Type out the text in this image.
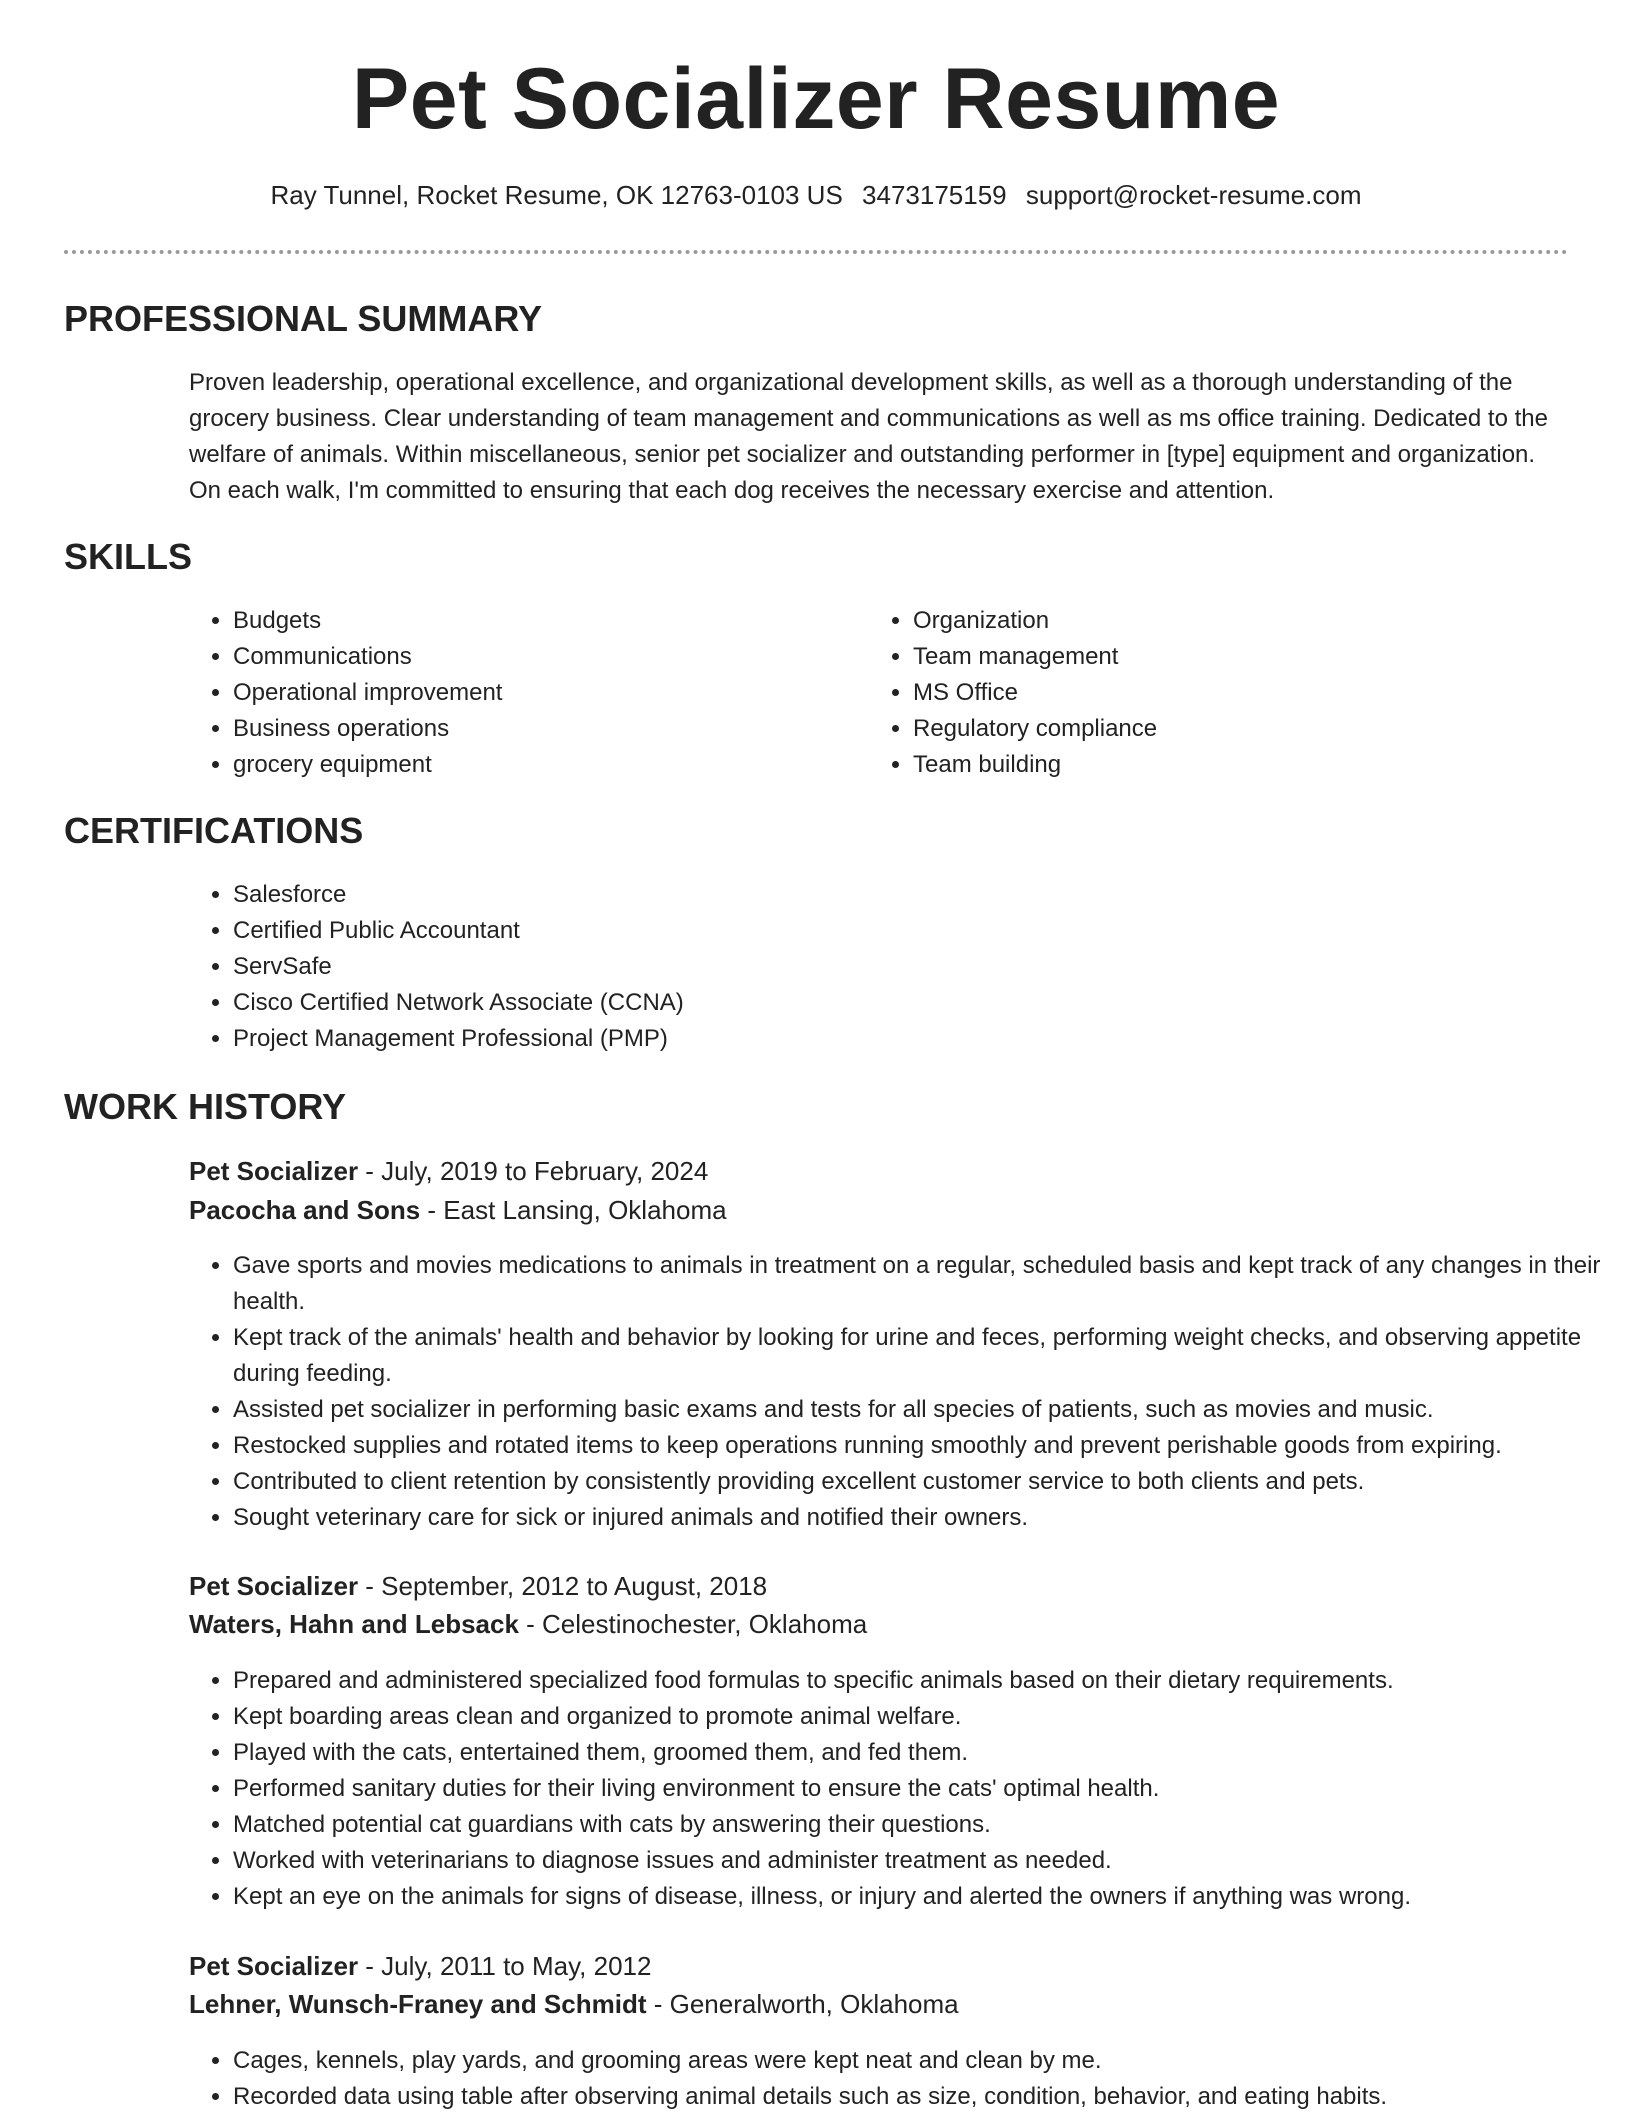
Pet Socializer Resume
Ray Tunnel, Rocket Resume, OK 12763-0103 US 3473175159 support@rocket-resume.com
PROFESSIONAL SUMMARY

Proven leadership, operational excellence, and organizational development skills, as well as a thorough understanding of the grocery business. Clear understanding of team management and communications as well as ms office training. Dedicated to the welfare of animals. Within miscellaneous, senior pet socializer and outstanding performer in [type] equipment and organization. On each walk, I'm committed to ensuring that each dog receives the necessary exercise and attention.

SKILLS
• Budgets
• Communications
• Operational improvement
• Business operations
• grocery equipment
• Organization
• Team management
• MS Office
• Regulatory compliance
• Team building
CERTIFICATIONS
• Salesforce
• Certified Public Accountant
• ServSafe
• Cisco Certified Network Associate (CCNA)
• Project Management Professional (PMP)
WORK HISTORY
Pet Socializer - July, 2019 to February, 2024
Pacocha and Sons - East Lansing, Oklahoma
• Gave sports and movies medications to animals in treatment on a regular, scheduled basis and kept track of any changes in their health.
• Kept track of the animals' health and behavior by looking for urine and feces, performing weight checks, and observing appetite during feeding.
• Assisted pet socializer in performing basic exams and tests for all species of patients, such as movies and music.
• Restocked supplies and rotated items to keep operations running smoothly and prevent perishable goods from expiring.
• Contributed to client retention by consistently providing excellent customer service to both clients and pets.
• Sought veterinary care for sick or injured animals and notified their owners.
Pet Socializer - September, 2012 to August, 2018
Waters, Hahn and Lebsack - Celestinochester, Oklahoma
• Prepared and administered specialized food formulas to specific animals based on their dietary requirements.
• Kept boarding areas clean and organized to promote animal welfare.
• Played with the cats, entertained them, groomed them, and fed them.
• Performed sanitary duties for their living environment to ensure the cats' optimal health.
• Matched potential cat guardians with cats by answering their questions.
• Worked with veterinarians to diagnose issues and administer treatment as needed.
• Kept an eye on the animals for signs of disease, illness, or injury and alerted the owners if anything was wrong.
Pet Socializer - July, 2011 to May, 2012
Lehner, Wunsch-Franey and Schmidt - Generalworth, Oklahoma
• Cages, kennels, play yards, and grooming areas were kept neat and clean by me.
• Recorded data using table after observing animal details such as size, condition, behavior, and eating habits.
